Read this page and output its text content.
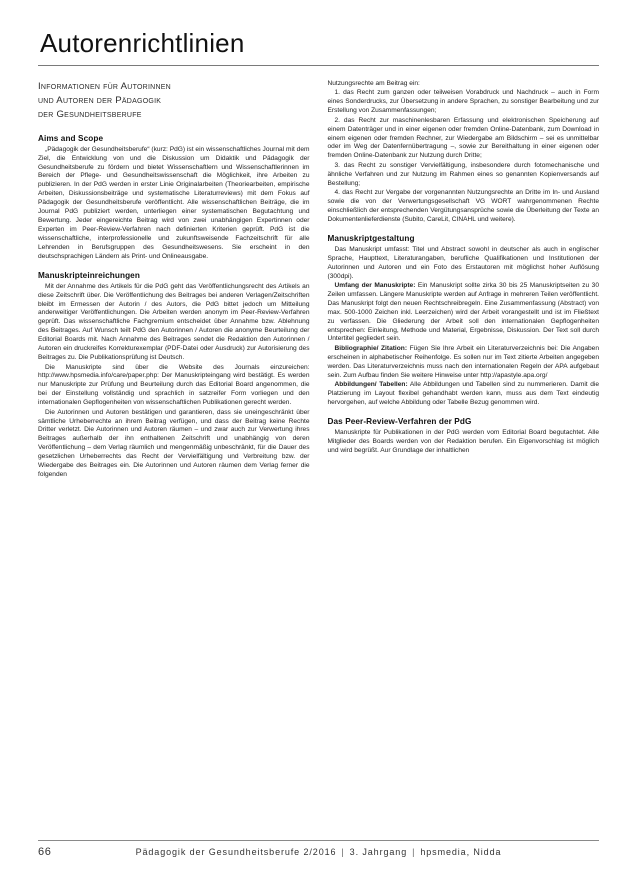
Autorenrichtlinien
Informationen für Autorinnen
und Autoren der Pädagogik
der Gesundheitsberufe
Aims and Scope

„Pädagogik der Gesundheitsberufe“ (kurz: PdG) ist ein wissenschaftliches Journal mit dem Ziel, die Entwicklung von und die Diskussion um Didaktik und Pädagogik der Gesundheitsberufe zu fördern und bietet Wissenschaftlern und Wissenschaftlerinnen im Bereich der Pflege- und Gesundheitswissenschaft die Möglichkeit, ihre Arbeiten zu publizieren. In der PdG werden in erster Linie Originalarbeiten (Theoriearbeiten, empirische Arbeiten, Diskussionsbeiträge und systematische Literaturreviews) mit dem Fokus auf Pädagogik der Gesundheitsberufe veröffentlicht. Alle wissenschaftlichen Beiträge, die im Journal PdG publiziert werden, unterliegen einer systematischen Begutachtung und Bewertung. Jeder eingereichte Beitrag wird von zwei unabhängigen Expertinnen oder Experten im Peer-Review-Verfahren nach definierten Kriterien geprüft. PdG ist die wissenschaftliche, interprofessionelle und zukunftsweisende Fachzeitschrift für alle Lehrenden in Berufsgruppen des Gesundheitswesens. Sie erscheint in den deutschsprachigen Ländern als Print- und Onlineausgabe.

Manuskripteinreichungen

Mit der Annahme des Artikels für die PdG geht das Veröffentlichungsrecht des Artikels an diese Zeitschrift über. Die Veröffentlichung des Beitrages bei anderen Verlagen/Zeitschriften bleibt im Ermessen der Autorin / des Autors, die PdG bittet jedoch um Mitteilung anderweitiger Veröffentlichungen. Die Arbeiten werden anonym im Peer-Review-Verfahren geprüft. Das wissenschaftliche Fachgremium entscheidet über Annahme bzw. Ablehnung des Beitrages. Auf Wunsch teilt PdG den Autorinnen / Autoren die anonyme Beurteilung der Editorial Boards mit. Nach Annahme des Beitrages sendet die Redaktion den Autorinnen / Autoren ein druckreifes Korrekturexemplar (PDF-Datei oder Ausdruck) zur Autorisierung des Beitrages zu. Die Publikationsprüfung ist Deutsch.

Die Manuskripte sind über die Website des Journals einzureichen: http://www.hpsmedia.info/care/paper.php: Der Manuskripteingang wird bestätigt. Es werden nur Manuskripte zur Prüfung und Beurteilung durch das Editorial Board angenommen, die bei der Einstellung vollständig und sprachlich in satzreifer Form vorliegen und den internationalen Gepflogenheiten von wissenschaftlichen Publikationen gerecht werden.

Die Autorinnen und Autoren bestätigen und garantieren, dass sie uneingeschränkt über sämtliche Urheberrechte an ihrem Beitrag verfügen, und dass der Beitrag keine Rechte Dritter verletzt. Die Autorinnen und Autoren räumen – und zwar auch zur Verwertung ihres Beitrages außerhalb der ihn enthaltenen Zeitschrift und unabhängig von deren Veröffentlichung – dem Verlag räumlich und mengenmäßig unbeschränkt, für die Dauer des gesetzlichen Urheberrechts das Recht der Vervielfältigung und Verbreitung bzw. der Wiedergabe des Beitrages ein. Die Autorinnen und Autoren räumen dem Verlag ferner die folgenden

Nutzungsrechte am Beitrag ein:

1. das Recht zum ganzen oder teilweisen Vorabdruck und Nachdruck – auch in Form eines Sonderdrucks, zur Übersetzung in andere Sprachen, zu sonstiger Bearbeitung und zur Erstellung von Zusammenfassungen;

2. das Recht zur maschinenlesbaren Erfassung und elektronischen Speicherung auf einem Datenträger und in einer eigenen oder fremden Online-Datenbank, zum Download in einem eigenen oder fremden Rechner, zur Wiedergabe am Bildschirm – sei es unmittelbar oder im Weg der Datenfernübertragung –, sowie zur Bereithaltung in einer eigenen oder fremden Online-Datenbank zur Nutzung durch Dritte;

3. das Recht zu sonstiger Vervielfältigung, insbesondere durch fotomechanische und ähnliche Verfahren und zur Nutzung im Rahmen eines so genannten Kopienversands auf Bestellung;

4. das Recht zur Vergabe der vorgenannten Nutzungsrechte an Dritte im In- und Ausland sowie die von der Verwertungsgesellschaft VG WORT wahrgenommenen Rechte einschließlich der entsprechenden Vergütungsansprüche sowie die Überleitung der Texte an Dokumentenlieferdienste (Subito, CareLit, CINAHL und weitere).

Manuskriptgestaltung

Das Manuskript umfasst: Titel und Abstract sowohl in deutscher als auch in englischer Sprache, Haupttext, Literaturangaben, berufliche Qualifikationen und Institutionen der Autorinnen und Autoren und ein Foto des Erstautoren mit möglichst hoher Auflösung (300dpi).

Umfang der Manuskripte: Ein Manuskript sollte zirka 30 bis 25 Manuskriptseiten zu 30 Zeilen umfassen. Längere Manuskripte werden auf Anfrage in mehreren Teilen veröffentlicht. Das Manuskript folgt den neuen Rechtschreibregeln. Eine Zusammenfassung (Abstract) von max. 500-1000 Zeichen inkl. Leerzeichen) wird der Arbeit vorangestellt und ist im Fließtext zu verfassen. Die Gliederung der Arbeit soll den internationalen Gepflogenheiten entsprechen: Einleitung, Methode und Material, Ergebnisse, Diskussion. Der Text soll durch Untertitel gegliedert sein.

Bibliographie/ Zitation: Fügen Sie Ihre Arbeit ein Literaturverzeichnis bei: Die Angaben erscheinen in alphabetischer Reihenfolge. Es sollen nur im Text zitierte Arbeiten angegeben werden. Das Literaturverzeichnis muss nach den internationalen Regeln der APA aufgebaut sein. Zum Aufbau finden Sie weitere Hinweise unter http://apastyle.apa.org/

Abbildungen/ Tabellen: Alle Abbildungen und Tabellen sind zu nummerieren. Damit die Platzierung im Layout flexibel gehandhabt werden kann, muss aus dem Text eindeutig hervorgehen, auf welche Abbildung oder Tabelle Bezug genommen wird.

Das Peer-Review-Verfahren der PdG

Manuskripte für Publikationen in der PdG werden vom Editorial Board begutachtet. Alle Mitglieder des Boards werden von der Redaktion berufen. Ein Eigenvorschlag ist möglich und wird begrüßt. Aur Grundlage der inhaltlichen

66	Pädagogik der Gesundheitsberufe 2/2016 | 3. Jahrgang | hpsmedia, Nidda
